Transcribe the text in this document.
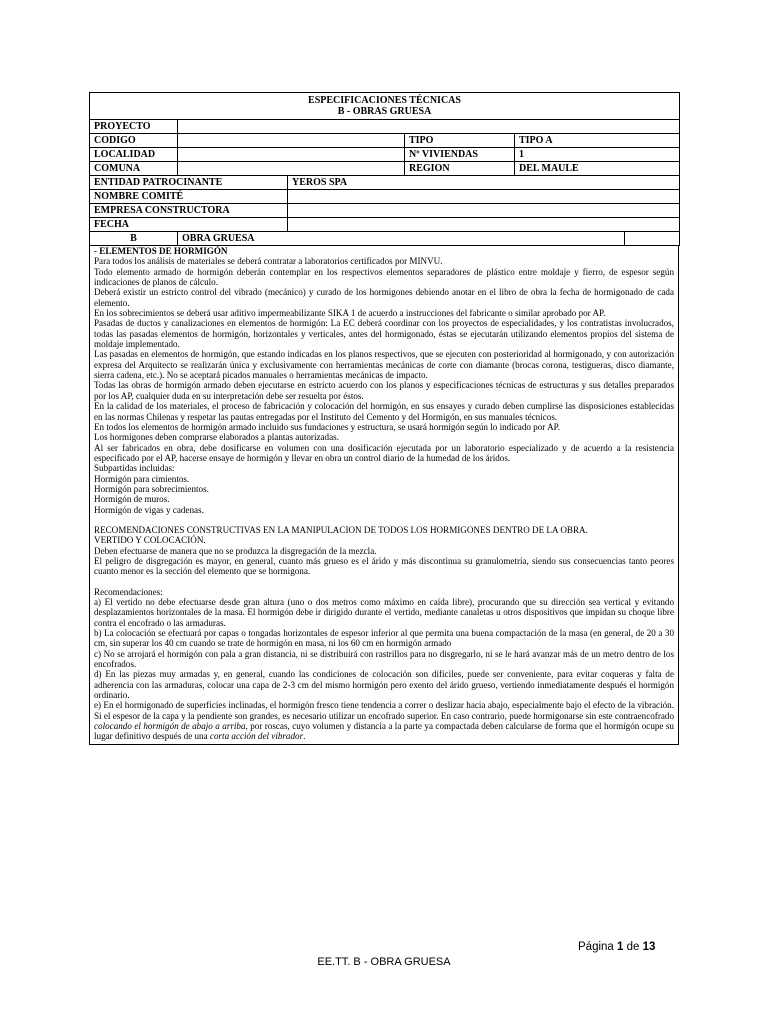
ESPECIFICACIONES TÉCNICAS
B - OBRAS GRUESA					

PROYECTO					
CODIGO			TIPO	TIPO A	
LOCALIDAD			Nº VIVIENDAS	1	
COMUNA			REGION	DEL MAULE	
ENTIDAD PATROCINANTE		YEROS SPA			
NOMBRE COMITÉ					
EMPRESA CONSTRUCTORA					
FECHA					
B	OBRA GRUESA				

- ELEMENTOS DE HORMIGÓN

Para todos los análisis de materiales se deberá contratar a laboratorios certificados por MINVU.

Todo elemento armado de hormigón deberán contemplar en los respectivos elementos separadores de plástico entre moldaje y fierro, de espesor según indicaciones de planos de cálculo.

Deberá existir un estricto control del vibrado (mecánico) y curado de los hormigones debiendo anotar en el libro de obra la fecha de hormigonado de cada elemento.

En los sobrecimientos se deberá usar aditivo impermeabilizante SIKA 1 de acuerdo a instrucciones del fabricante o similar aprobado por AP.

Pasadas de ductos y canalizaciones en elementos de hormigón: La EC deberá coordinar con los proyectos de especialidades, y los contratistas involucrados, todas las pasadas elementos de hormigón, horizontales y verticales, antes del hormigonado, éstas se ejecutarán utilizando elementos propios del sistema de moldaje implementado.

Las pasadas en elementos de hormigón, que estando indicadas en los planos respectivos, que se ejecuten con posterioridad al hormigonado, y con autorización expresa del Arquitecto se realizarán única y exclusivamente con herramientas mecánicas de corte con diamante (brocas corona, testigueras, disco diamante, sierra cadena, etc.). No se aceptará picados manuales o herramientas mecánicas de impacto.

Todas las obras de hormigón armado deben ejecutarse en estricto acuerdo con los planos y especificaciones técnicas de estructuras y sus detalles preparados por los AP, cualquier duda en su interpretación debe ser resuelta por éstos.

En la calidad de los materiales, el proceso de fabricación y colocación del hormigón, en sus ensayes y curado deben cumplirse las disposiciones establecidas en las normas Chilenas y respetar las pautas entregadas por el Instituto del Cemento y del Hormigón, en sus manuales técnicos.

En todos los elementos de hormigón armado incluido sus fundaciones y estructura, se usará hormigón según lo indicado por AP.

Los hormigones deben comprarse elaborados a plantas autorizadas.

Al ser fabricados en obra, debe dosificarse en volumen con una dosificación ejecutada por un laboratorio especializado y de acuerdo a la resistencia especificado por el AP, hacerse ensaye de hormigón y llevar en obra un control diario de la humedad de los áridos.

Subpartidas incluidas:

Hormigón para cimientos.

Hormigón para sobrecimientos.

Hormigón de muros.

Hormigón de vigas y cadenas.

RECOMENDACIONES CONSTRUCTIVAS EN LA MANIPULACION DE TODOS LOS HORMIGONES DENTRO DE LA OBRA.

VERTIDO Y COLOCACIÓN.

Deben efectuarse de manera que no se produzca la disgregación de la mezcla.

El peligro de disgregación es mayor, en general, cuanto más grueso es el árido y más discontinua su granulometría, siendo sus consecuencias tanto peores cuanto menor es la sección del elemento que se hormigona.

Recomendaciones:

a) El vertido no debe efectuarse desde gran altura (uno o dos metros como máximo en caída libre), procurando que su dirección sea vertical y evitando desplazamientos horizontales de la masa. El hormigón debe ir dirigido durante el vertido, mediante canaletas u otros dispositivos que impidan su choque libre contra el encofrado o las armaduras.

b) La colocación se efectuará por capas o tongadas horizontales de espesor inferior al que permita una buena compactación de la masa (en general, de 20 a 30 cm, sin superar los 40 cm cuando se trate de hormigón en masa, ni los 60 cm en hormigón armado

c) No se arrojará el hormigón con pala a gran distancia, ni se distribuirá con rastrillos para no disgregarlo, ni se le hará avanzar más de un metro dentro de los encofrados.

d) En las piezas muy armadas y, en general, cuando las condiciones de colocación son difíciles, puede ser conveniente, para evitar coqueras y falta de adherencia con las armaduras, colocar una capa de 2-3 cm del mismo hormigón pero exento del árido grueso, vertiendo inmediatamente después el hormigón ordinario.

e) En el hormigonado de superficies inclinadas, el hormigón fresco tiene tendencia a correr o deslizar hacia abajo, especialmente bajo el efecto de la vibración. Si el espesor de la capa y la pendiente son grandes, es necesario utilizar un encofrado superior. En caso contrario, puede hormigonarse sin este contraencofrado colocando el hormigón de abajo a arriba, por roscas, cuyo volumen y distancia a la parte ya compactada deben calcularse de forma que el hormigón ocupe su lugar definitivo después de una corta acción del vibrador.

Página 1 de 13
EE.TT. B - OBRA GRUESA
